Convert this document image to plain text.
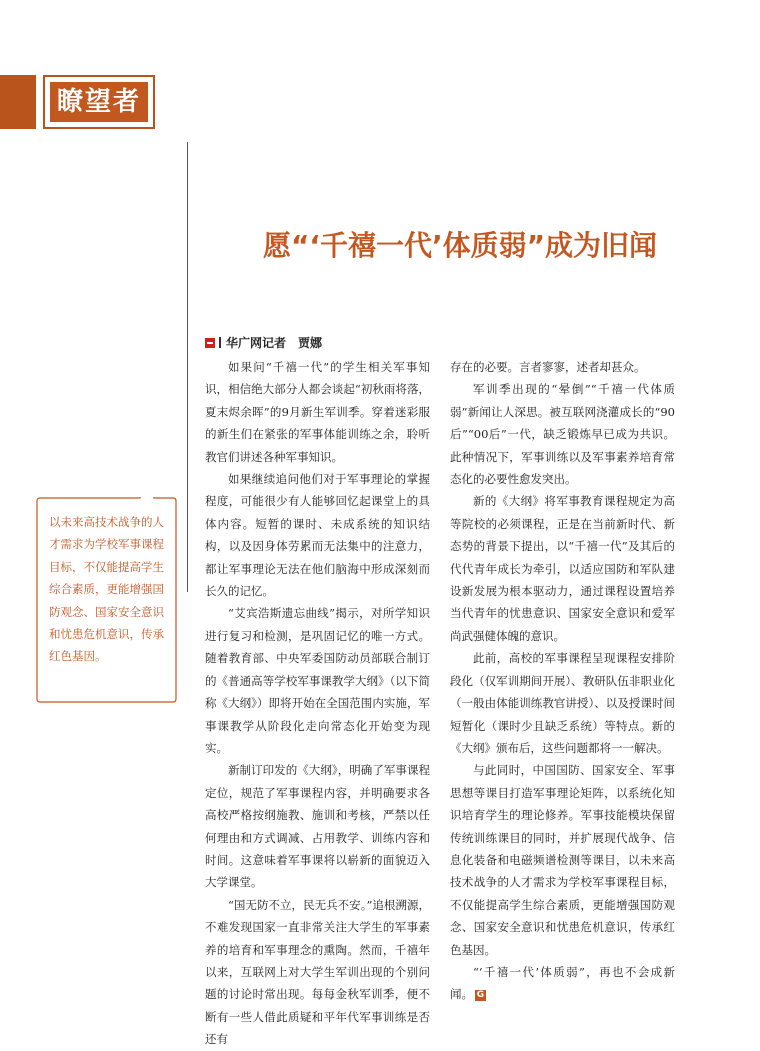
瞭望者
愿“‘千禧一代’体质弱”成为旧闻
华广网记者 贾娜
以未来高技术战争的人才需求为学校军事课程目标，不仅能提高学生综合素质，更能增强国防观念、国家安全意识和忧患危机意识，传承红色基因。

如果问“千禧一代”的学生相关军事知识，相信绝大部分人都会谈起“初秋雨将落，夏末烬余晖”的9月新生军训季。穿着迷彩服的新生们在紧张的军事体能训练之余，聆听教官们讲述各种军事知识。

如果继续追问他们对于军事理论的掌握程度，可能很少有人能够回忆起课堂上的具体内容。短暂的课时、未成系统的知识结构，以及因身体劳累而无法集中的注意力，都让军事理论无法在他们脑海中形成深刻而长久的记忆。

“艾宾浩斯遗忘曲线”揭示，对所学知识进行复习和检测，是巩固记忆的唯一方式。随着教育部、中央军委国防动员部联合制订的《普通高等学校军事课教学大纲》（以下简称《大纲》）即将开始在全国范围内实施，军事课教学从阶段化走向常态化开始变为现实。

新制订印发的《大纲》，明确了军事课程定位，规范了军事课程内容，并明确要求各高校严格按纲施教、施训和考核，严禁以任何理由和方式调减、占用教学、训练内容和时间。这意味着军事课将以崭新的面貌迈入大学课堂。

“国无防不立，民无兵不安。”追根溯源，不难发现国家一直非常关注大学生的军事素养的培育和军事理念的熏陶。然而，千禧年以来，互联网上对大学生军训出现的个别问题的讨论时常出现。每每金秋军训季，便不断有一些人借此质疑和平年代军事训练是否还有

存在的必要。言者寥寥，述者却甚众。

军训季出现的“晕倒”“千禧一代体质弱”新闻让人深思。被互联网浇灌成长的“90后”“00后”一代，缺乏锻炼早已成为共识。此种情况下，军事训练以及军事素养培育常态化的必要性愈发突出。

新的《大纲》将军事教育课程规定为高等院校的必须课程，正是在当前新时代、新态势的背景下提出，以“千禧一代”及其后的代代青年成长为牵引，以适应国防和军队建设新发展为根本驱动力，通过课程设置培养当代青年的忧患意识、国家安全意识和爱军尚武强健体魄的意识。

此前，高校的军事课程呈现课程安排阶段化（仅军训期间开展）、教研队伍非职业化（一般由体能训练教官讲授）、以及授课时间短暂化（课时少且缺乏系统）等特点。新的《大纲》颁布后，这些问题都将一一解决。

与此同时，中国国防、国家安全、军事思想等课目打造军事理论矩阵，以系统化知识培育学生的理论修养。军事技能模块保留传统训练课目的同时，并扩展现代战争、信息化装备和电磁频谱检测等课目，以未来高技术战争的人才需求为学校军事课程目标，不仅能提高学生综合素质，更能增强国防观念、国家安全意识和忧患危机意识，传承红色基因。

“‘千禧一代’体质弱”，再也不会成新闻。 G
